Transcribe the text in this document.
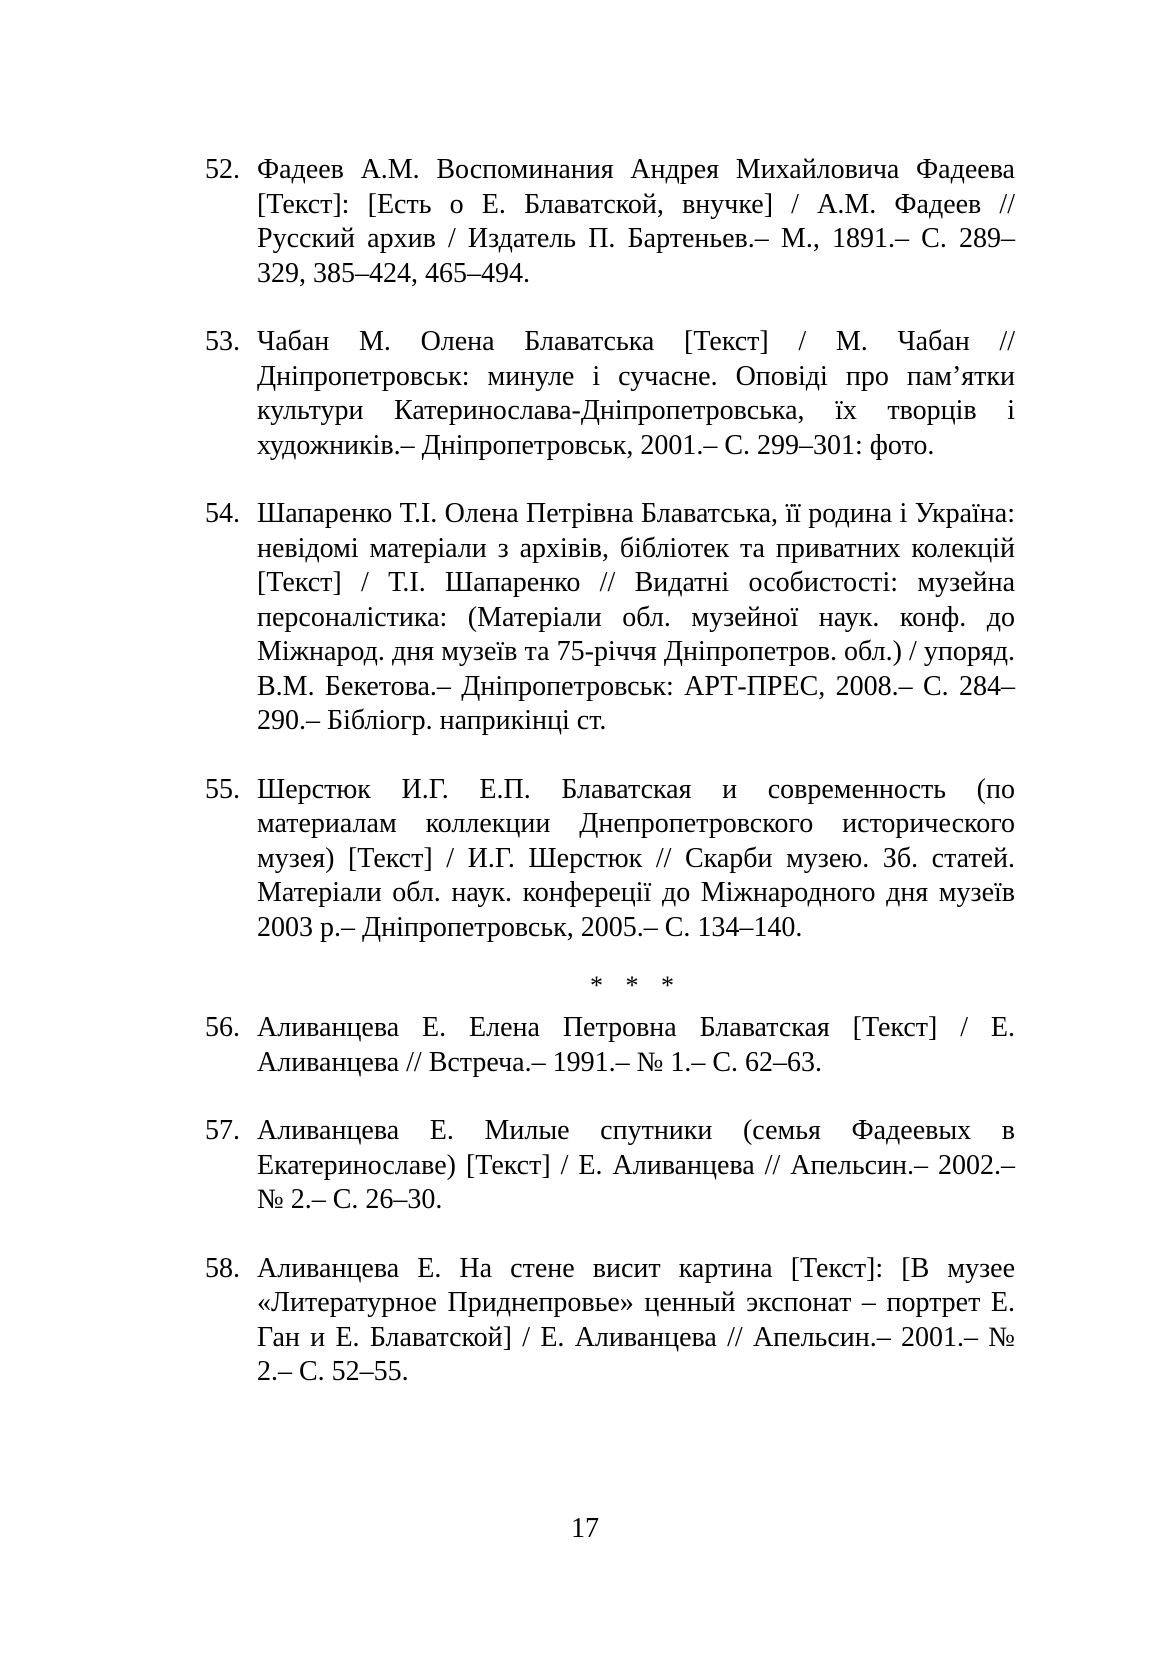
52. Фадеев А.М. Воспоминания Андрея Михайловича Фадеева [Текст]: [Есть о Е. Блаватской, внучке] / А.М. Фадеев // Русский архив / Издатель П. Бартеньев.– М., 1891.– С. 289–329, 385–424, 465–494.
53. Чабан М. Олена Блаватська [Текст] / М. Чабан // Дніпропетровськ: минуле і сучасне. Оповіді про пам’ятки культури Катеринослава-Дніпропетровська, їх творців і художників.– Дніпропетровськ, 2001.– С. 299–301: фото.
54. Шапаренко Т.І. Олена Петрівна Блаватська, її родина і Україна: невідомі матеріали з архівів, бібліотек та приватних колекцій [Текст] / Т.І. Шапаренко // Видатні особистості: музейна персоналістика: (Матеріали обл. музейної наук. конф. до Міжнарод. дня музеїв та 75-річчя Дніпропетров. обл.) / упоряд. В.М. Бекетова.– Дніпропетровськ: АРТ-ПРЕС, 2008.– С. 284–290.– Бібліогр. наприкінці ст.
55. Шерстюк И.Г. Е.П. Блаватская и современность (по материалам коллекции Днепропетровского исторического музея) [Текст] / И.Г. Шерстюк // Скарби музею. Зб. статей. Матеріали обл. наук. конфереції до Міжнародного дня музеїв 2003 р.– Дніпропетровськ, 2005.– С. 134–140.
* * *
56. Аливанцева Е. Елена Петровна Блаватская [Текст] / Е. Аливанцева // Встреча.– 1991.– № 1.– С. 62–63.
57. Аливанцева Е. Милые спутники (семья Фадеевых в Екатеринославе) [Текст] / Е. Аливанцева // Апельсин.– 2002.– № 2.– С. 26–30.
58. Аливанцева Е. На стене висит картина [Текст]: [В музее «Литературное Приднепровье» ценный экспонат – портрет Е. Ган и Е. Блаватской] / Е. Аливанцева // Апельсин.– 2001.– № 2.– С. 52–55.
17
